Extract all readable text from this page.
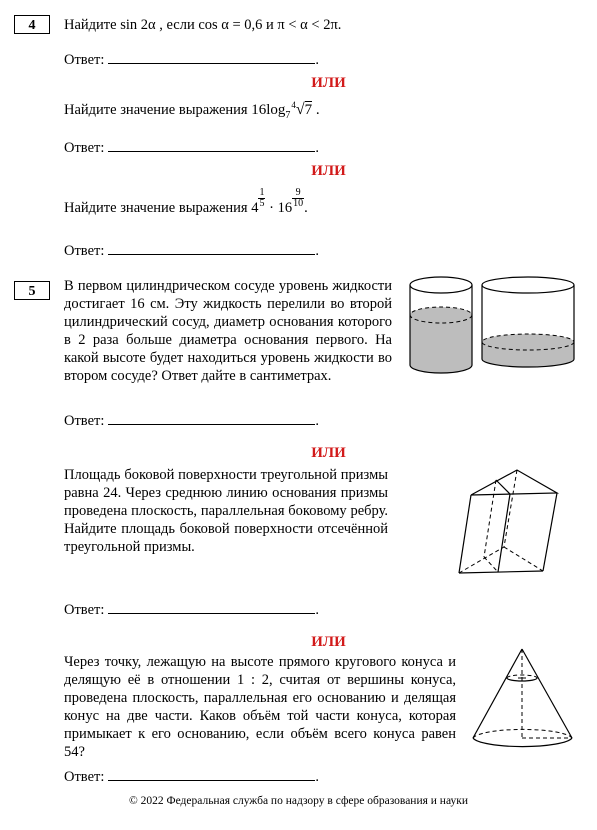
4	Найдите sin 2α , если cos α = 0,6 и π < α < 2π.
Ответ:	.
ИЛИ
Найдите значение выражения $16\log_7^4√7$ .
Ответ:	.
ИЛИ
Найдите значение выражения $4 \frac{1}{5} \cdot 16 \frac{9}{10}$ .
Ответ:	.
5	В первом цилиндрическом сосуде уровень жидкости достигает 16 см. Эту жидкость перелили во второй цилиндрический сосуд, диаметр основания которого в 2 раза больше диаметра основания первого. На какой высоте будет находиться уровень жидкости во втором сосуде? Ответ дайте в сантиметрах.
Ответ:	.
ИЛИ
Площадь боковой поверхности треугольной призмы равна 24. Через среднюю линию основания призмы проведена плоскость, параллельная боковому ребру. Найдите площадь боковой поверхности отсечённой треугольной призмы.
Ответ:	.
ИЛИ
Через точку, лежащую на высоте прямого кругового конуса и делящую её в отношении 1 : 2, считая от вершины конуса, проведена плоскость, параллельная его основанию и делящая конус на две части. Каков объём той части конуса, которая примыкает к его основанию, если объём всего конуса равен 54?
Ответ:	.
© 2022 Федеральная служба по надзору в сфере образования и науки
